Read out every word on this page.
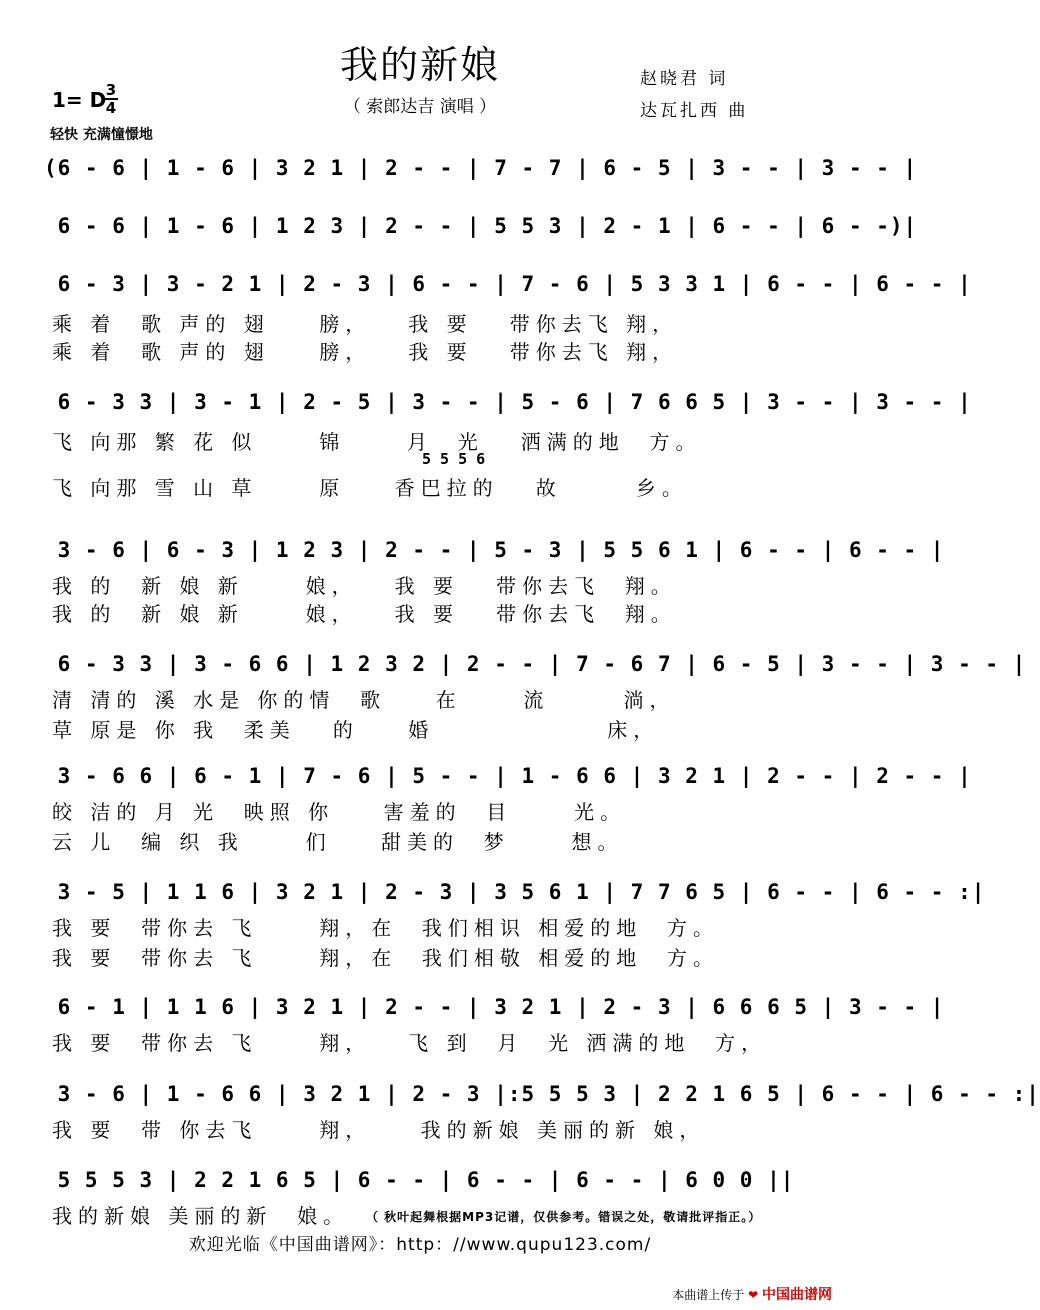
我的新娘
（ 索郎达吉 演唱 ）
赵晓君 词
达瓦扎西 曲
1= D 3
4
轻快 充满憧憬地
(6 - 6 | 1 - 6 | 3 2 1 | 2 - - | 7 - 7 | 6 - 5 | 3 - - | 3 - - |
6 - 6 | 1 - 6 | 1 2 3 | 2 - - | 5 5 3 | 2 - 1 | 6 - - | 6 - -)|
6 - 3 | 3 - 2 1 | 2 - 3 | 6 - - | 7 - 6 | 5 3 3 1 | 6 - - | 6 - - |
乘 着  歌 声的 翅    膀，   我 要   带你去飞 翔，
乘 着  歌 声的 翅    膀，   我 要   带你去飞 翔，
6 - 3 3 | 3 - 1 | 2 - 5 | 3 - - | 5 - 6 | 7 6 6 5 | 3 - - | 3 - - |
飞 向那 繁 花 似     锦     月  光   洒满的地  方。
5 5 5 6
飞 向那 雪 山 草     原    香巴拉的   故      乡。
3 - 6 | 6 - 3 | 1 2 3 | 2 - - | 5 - 3 | 5 5 6 1 | 6 - - | 6 - - |
我 的  新 娘 新     娘，   我 要   带你去飞  翔。
我 的  新 娘 新     娘，   我 要   带你去飞  翔。
6 - 3 3 | 3 - 6 6 | 1 2 3 2 | 2 - - | 7 - 6 7 | 6 - 5 | 3 - - | 3 - - |
清 清的 溪 水是 你的情  歌    在     流      淌，
草 原是 你 我  柔美   的    婚              床，
3 - 6 6 | 6 - 1 | 7 - 6 | 5 - - | 1 - 6 6 | 3 2 1 | 2 - - | 2 - - |
皎 洁的 月 光  映照 你    害羞的  目     光。
云 儿  编 织 我     们    甜美的  梦     想。
3 - 5 | 1 1 6 | 3 2 1 | 2 - 3 | 3 5 6 1 | 7 7 6 5 | 6 - - | 6 - - :|
我 要  带你去 飞     翔，在  我们相识 相爱的地  方。
我 要  带你去 飞     翔，在  我们相敬 相爱的地  方。
6 - 1 | 1 1 6 | 3 2 1 | 2 - - | 3 2 1 | 2 - 3 | 6 6 6 5 | 3 - - |
我 要  带你去 飞     翔，   飞 到  月  光 洒满的地  方，
3 - 6 | 1 - 6 6 | 3 2 1 | 2 - 3 |:5 5 5 3 | 2 2 1 6 5 | 6 - - | 6 - - :|
我 要  带 你去飞     翔，    我的新娘 美丽的新 娘，
5 5 5 3 | 2 2 1 6 5 | 6 - - | 6 - - | 6 - - | 6 0 0 ||
我的新娘 美丽的新  娘。 （ 秋叶起舞根据MP3记谱，仅供参考。错误之处，敬请批评指正。）
欢迎光临《中国曲谱网》：http：//www.qupu123.com/
本曲谱上传于 ❤ 中国曲谱网
